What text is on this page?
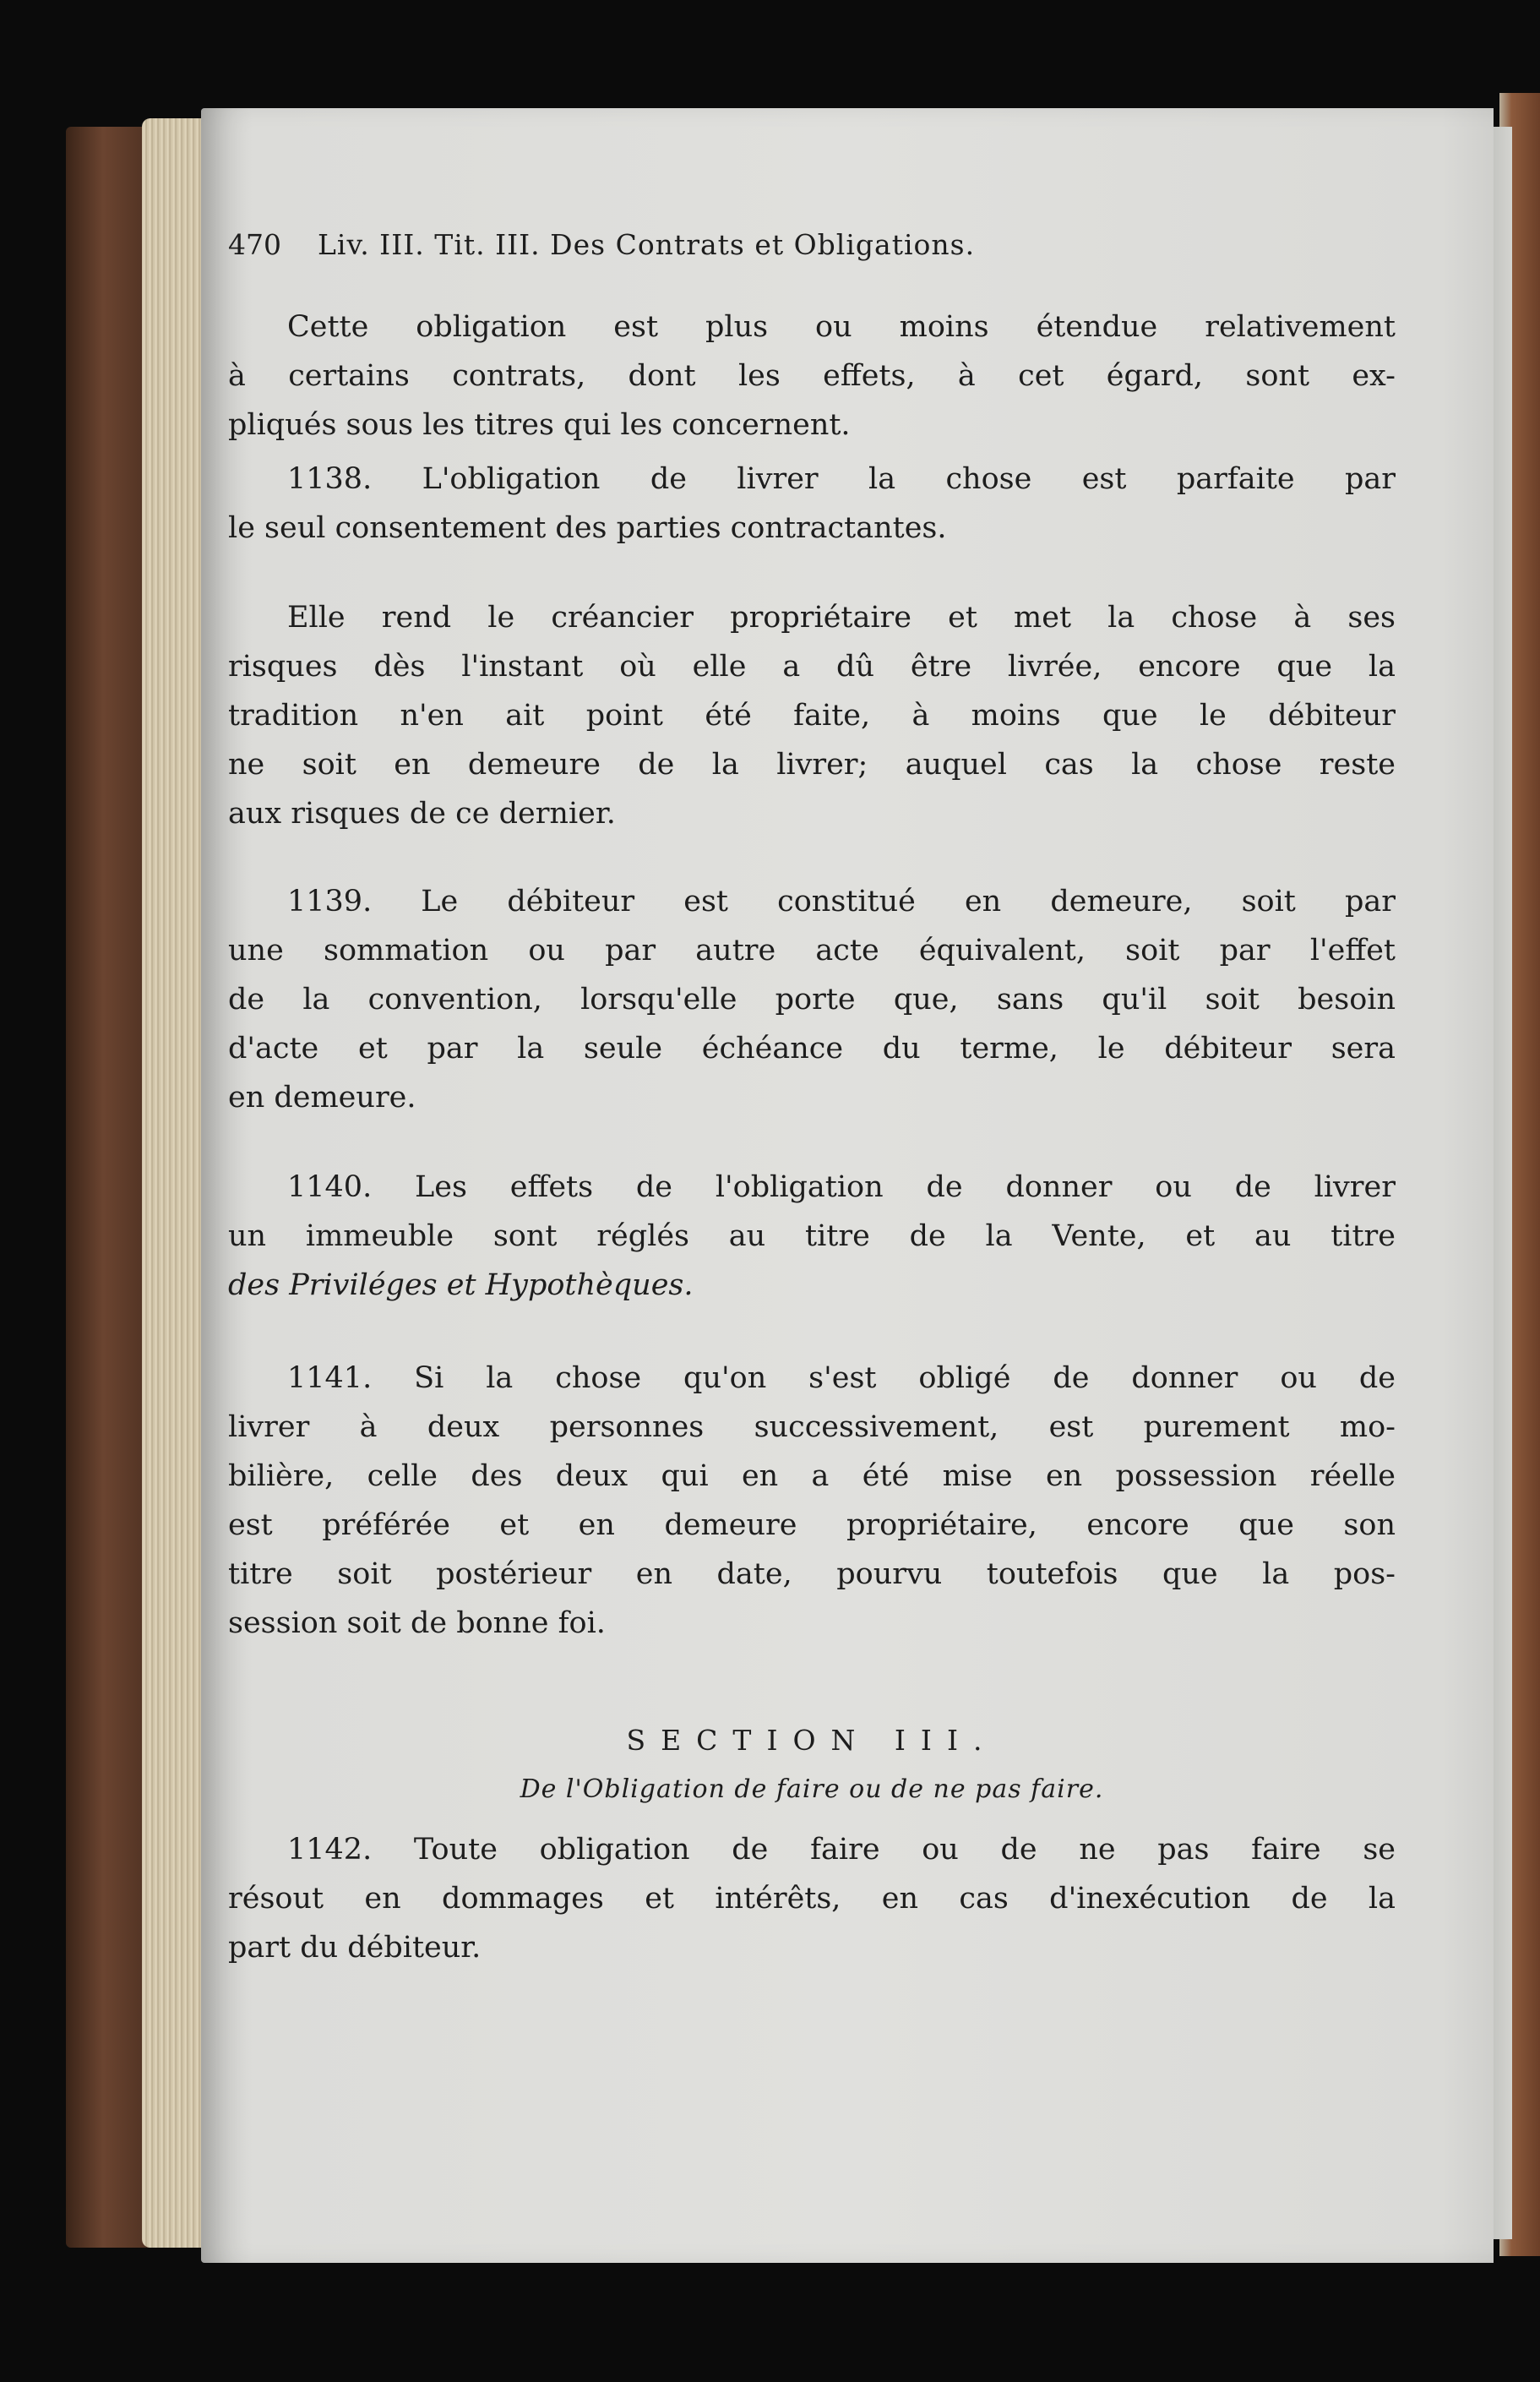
470 Liv. III. Tit. III. Des Contrats et Obligations.
Cette obligation est plus ou moins étendue relativement
à certains contrats, dont les effets, à cet égard, sont ex-
pliqués sous les titres qui les concernent.
1138. L'obligation de livrer la chose est parfaite par
le seul consentement des parties contractantes.
Elle rend le créancier propriétaire et met la chose à ses
risques dès l'instant où elle a dû être livrée, encore que la
tradition n'en ait point été faite, à moins que le débiteur
ne soit en demeure de la livrer; auquel cas la chose reste
aux risques de ce dernier.
1139. Le débiteur est constitué en demeure, soit par
une sommation ou par autre acte équivalent, soit par l'effet
de la convention, lorsqu'elle porte que, sans qu'il soit besoin
d'acte et par la seule échéance du terme, le débiteur sera
en demeure.
1140. Les effets de l'obligation de donner ou de livrer
un immeuble sont réglés au titre de la Vente, et au titre
des Priviléges et Hypothèques.
1141. Si la chose qu'on s'est obligé de donner ou de
livrer à deux personnes successivement, est purement mo-
bilière, celle des deux qui en a été mise en possession réelle
est préférée et en demeure propriétaire, encore que son
titre soit postérieur en date, pourvu toutefois que la pos-
session soit de bonne foi.
SECTION III.
De l'Obligation de faire ou de ne pas faire.
1142. Toute obligation de faire ou de ne pas faire se
résout en dommages et intérêts, en cas d'inexécution de la
part du débiteur.
